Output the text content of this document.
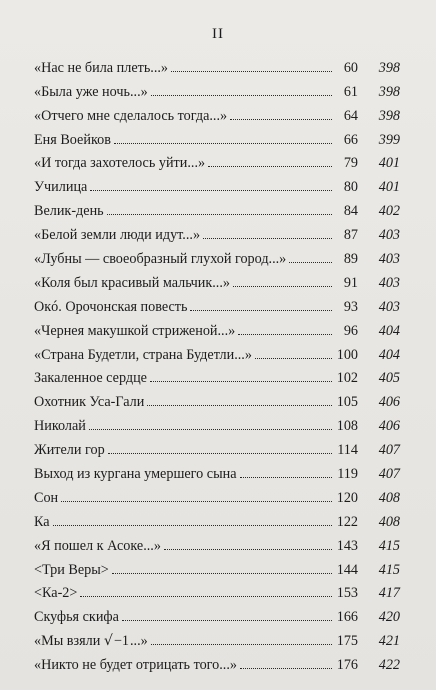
II
«Нас не била плеть...»	60	398
«Была уже ночь...»	61	398
«Отчего мне сделалось тогда...»	64	398
Еня Воейков	66	399
«И тогда захотелось уйти...»	79	401
Училица	80	401
Велик-день	84	402
«Белой земли люди идут...»	87	403
«Лубны — своеобразный глухой город...»	89	403
«Коля был красивый мальчик...»	91	403
Окó. Орочонская повесть	93	403
«Чернея макушкой стриженой...»	96	404
«Страна Будетли, страна Будетли...»	100	404
Закаленное сердце	102	405
Охотник Уса-Гали	105	406
Николай	108	406
Жители гор	114	407
Выход из кургана умершего сына	119	407
Сон	120	408
Ка	122	408
«Я пошел к Асоке...»	143	415
<Три Веры>	144	415
<Ка-2>	153	417
Скуфья скифа	166	420
«Мы взяли √−1...»	175	421
«Никто не будет отрицать того...»	176	422
